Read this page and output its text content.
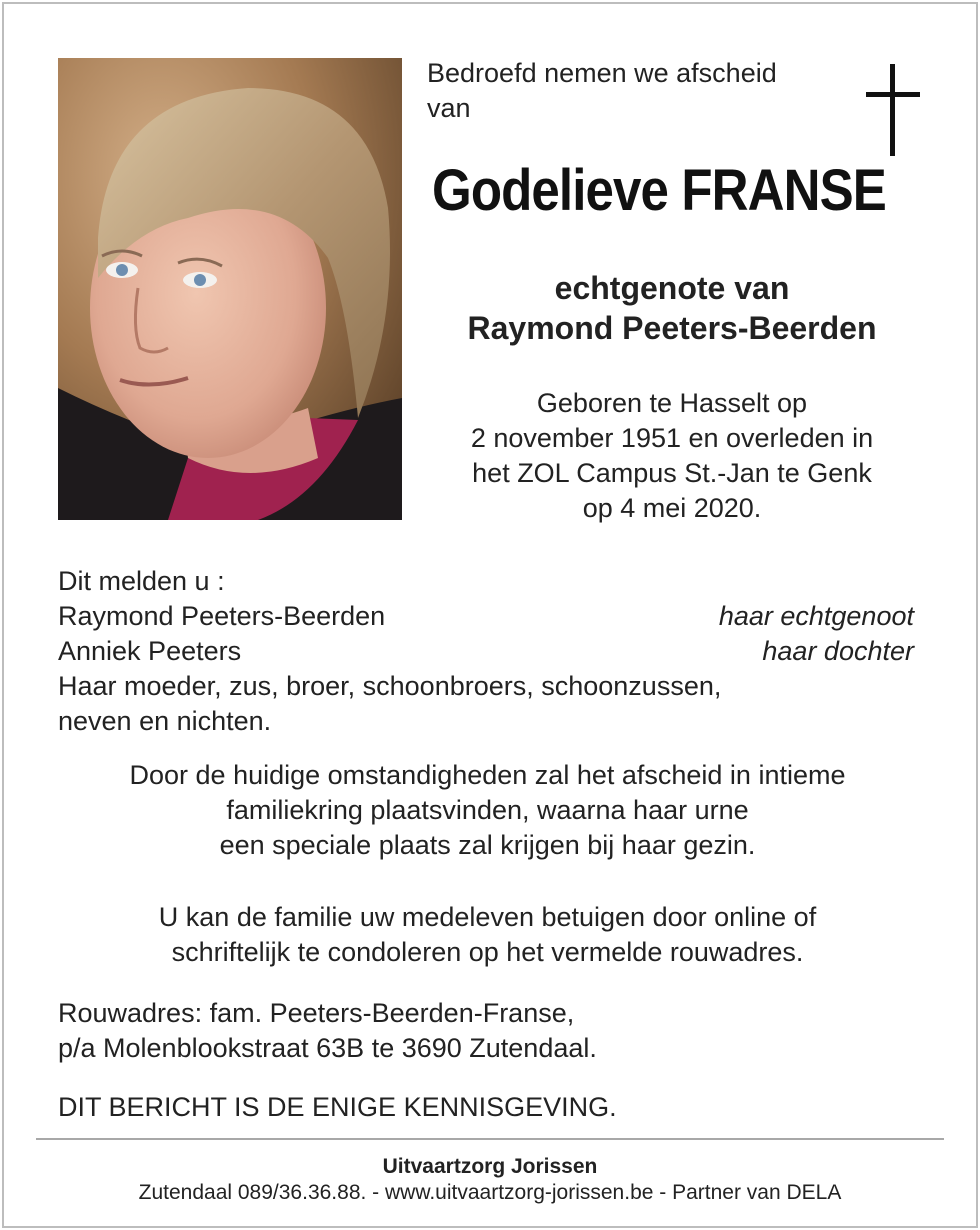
Bedroefd nemen we afscheid
van
Godelieve FRANSE
echtgenote van
Raymond Peeters-Beerden
Geboren te Hasselt op
2 november 1951 en overleden in
het ZOL Campus St.-Jan te Genk
op 4 mei 2020.
Dit melden u :
Raymond Peeters-Beerden	haar echtgenoot
Anniek Peeters	haar dochter
Haar moeder, zus, broer, schoonbroers, schoonzussen,
neven en nichten.
Door de huidige omstandigheden zal het afscheid in intieme
familiekring plaatsvinden, waarna haar urne
een speciale plaats zal krijgen bij haar gezin.
U kan de familie uw medeleven betuigen door online of
schriftelijk te condoleren op het vermelde rouwadres.
Rouwadres: fam. Peeters-Beerden-Franse,
p/a Molenblookstraat 63B te 3690 Zutendaal.
DIT BERICHT IS DE ENIGE KENNISGEVING.
Uitvaartzorg Jorissen
Zutendaal 089/36.36.88. - www.uitvaartzorg-jorissen.be - Partner van DELA
